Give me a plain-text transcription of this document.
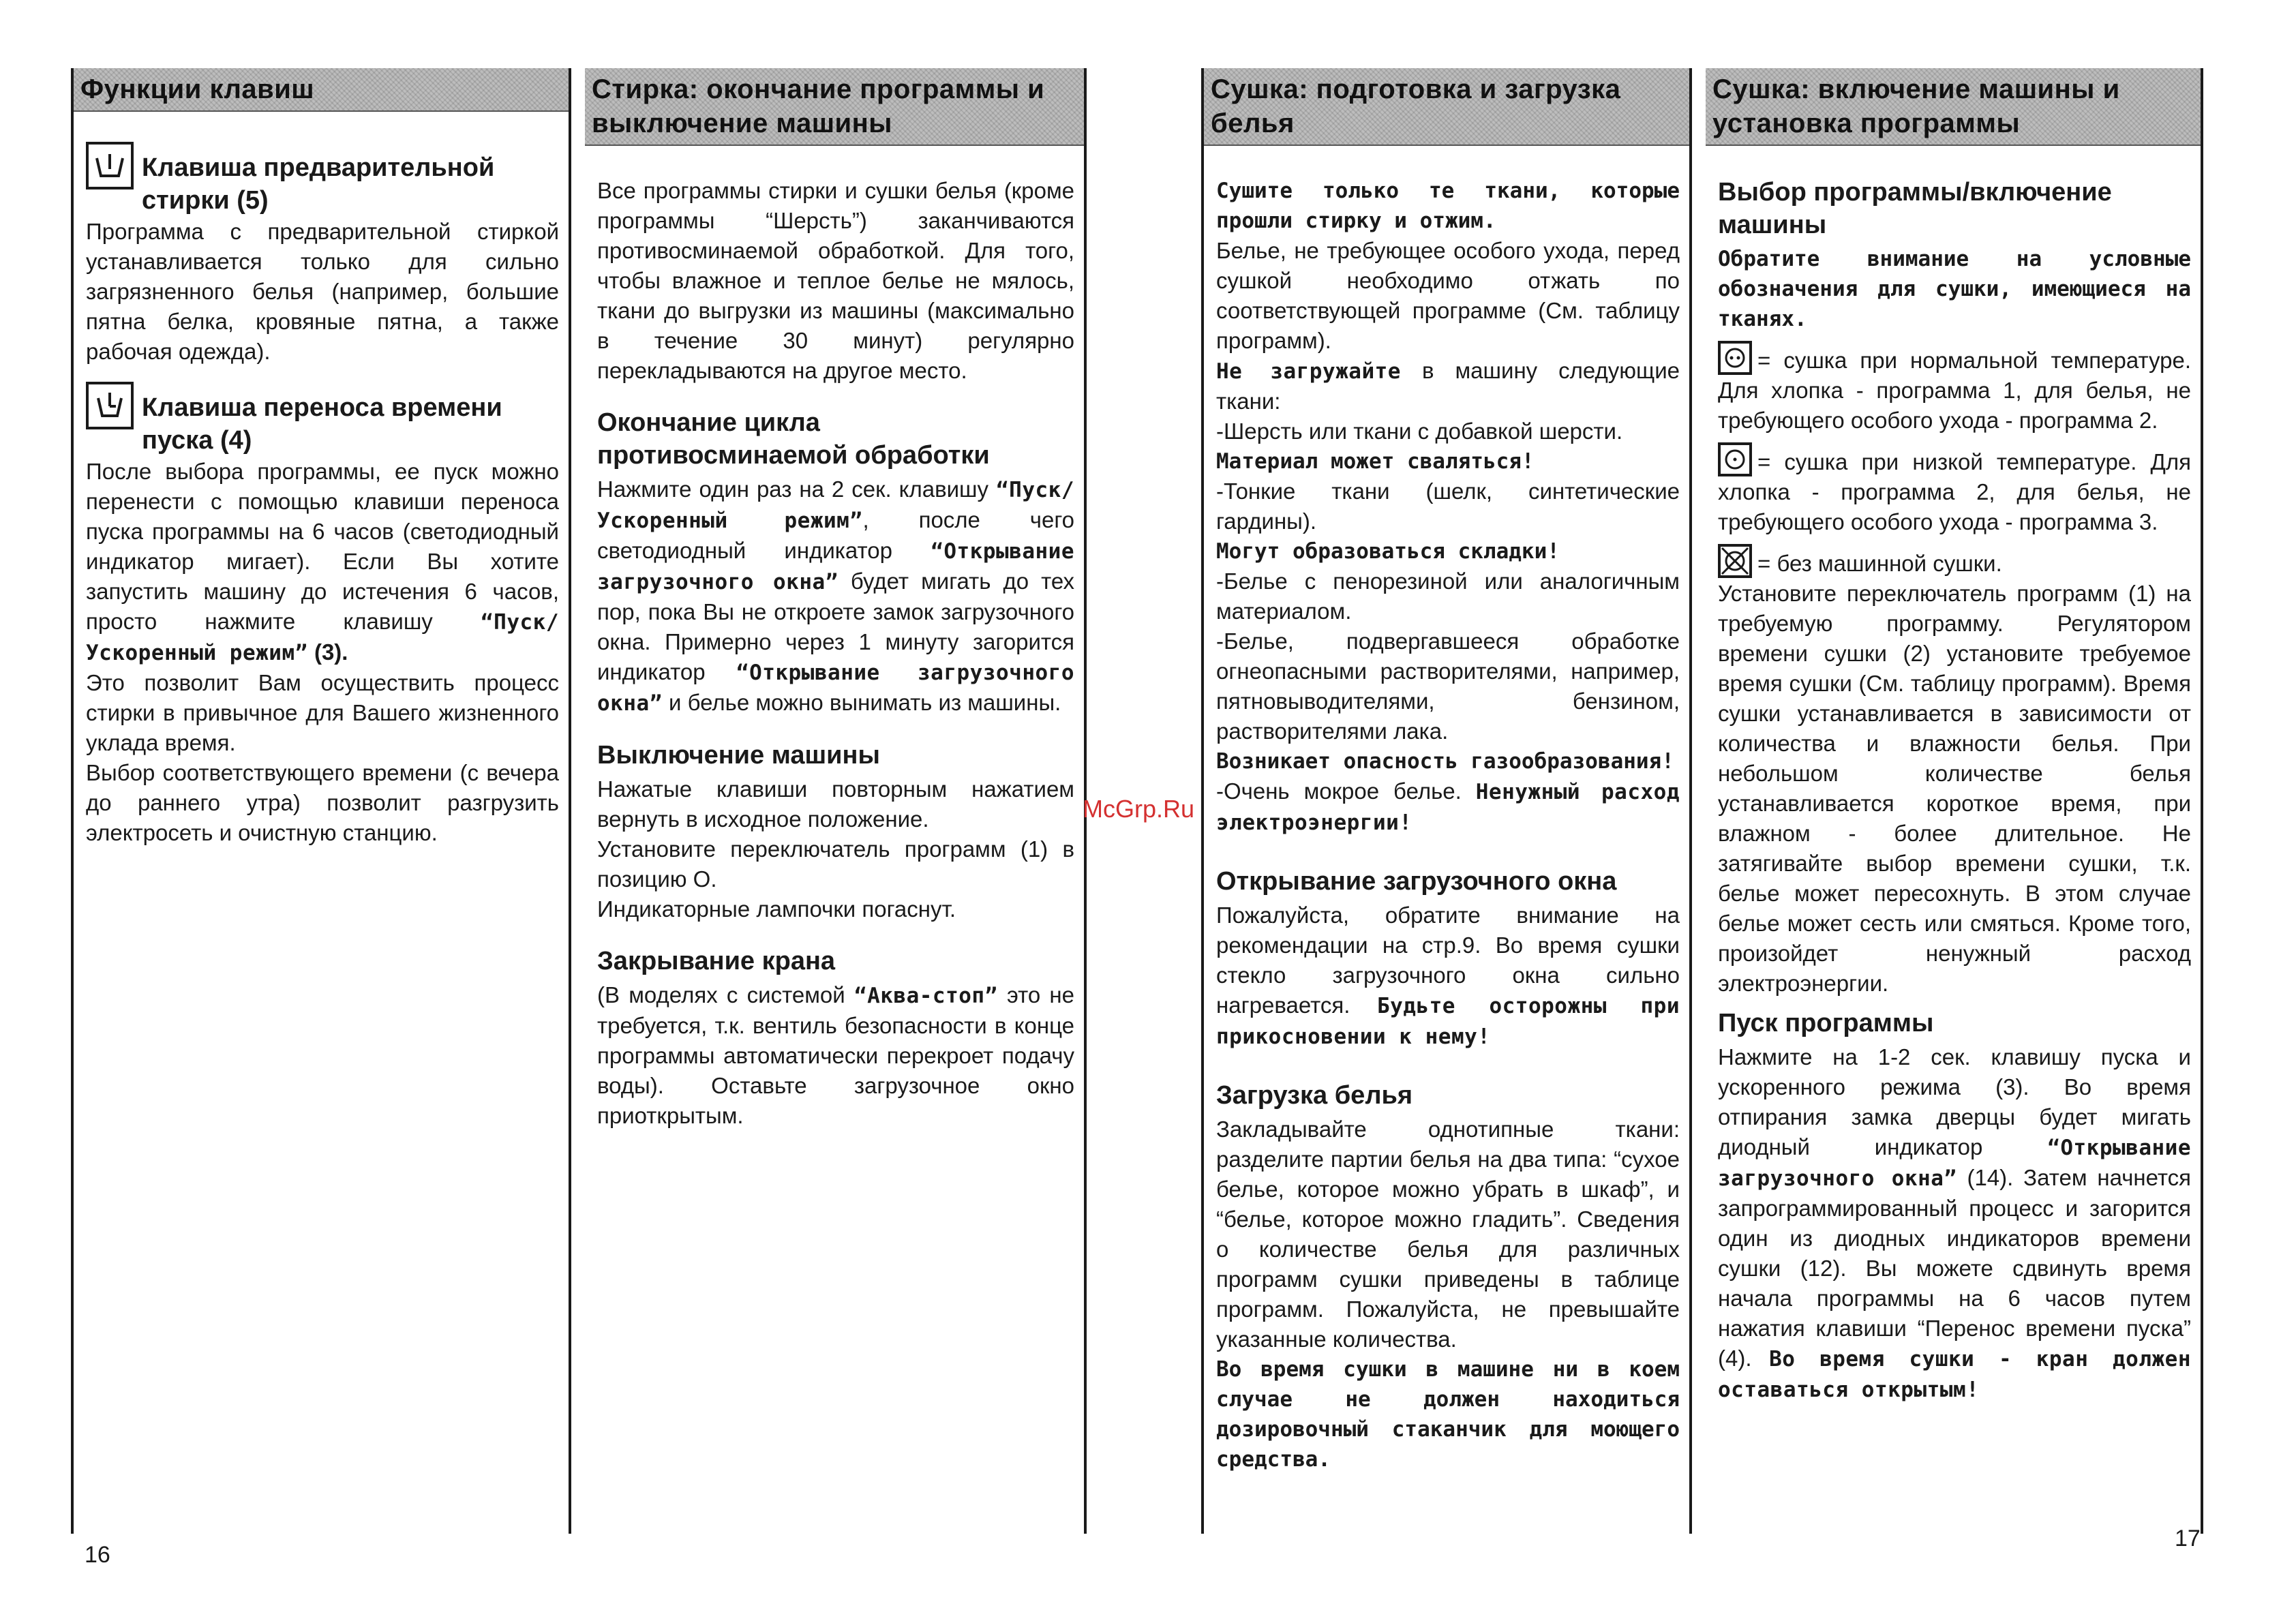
Функции клавиш
Клавиша предварительной стирки (5)

Программа с предварительной стиркой устанавливается только для сильно загрязненного белья (например, большие пятна белка, кровяные пятна, а также рабочая одежда).

Клавиша переноса времени пуска (4)

После выбора программы, ее пуск можно перенести с помощью клавиши переноса пуска программы на 6 часов (светодиодный индикатор мигает). Если Вы хотите запустить машину до истечения 6 часов, просто нажмите клавишу “Пуск/ Ускоренный режим” (3).

Это позволит Вам осуществить процесс стирки в привычное для Вашего жизненного уклада время.

Выбор соответствующего времени (с вечера до раннего утра) позволит разгрузить электросеть и очистную станцию.

Стирка: окончание программы и выключение машины

Все программы стирки и сушки белья (кроме программы “Шерсть”) заканчиваются противосминаемой обработкой. Для того, чтобы влажное и теплое белье не мялось, ткани до выгрузки из машины (максимально в течение 30 минут) регулярно перекладываются на другое место.

Окончание цикла противосминаемой обработки

Нажмите один раз на 2 сек. клавишу “Пуск/ Ускоренный режим”, после чего светодиодный индикатор “Открывание загрузочного окна” будет мигать до тех пор, пока Вы не откроете замок загрузочного окна. Примерно через 1 минуту загорится индикатор “Открывание загрузочного окна” и белье можно вынимать из машины.

Выключение машины

Нажатые клавиши повторным нажатием вернуть в исходное положение.

Установите переключатель программ (1) в позицию О.

Индикаторные лампочки погаснут.

Закрывание крана

(В моделях с системой “Аква-стоп” это не требуется, т.к. вентиль безопасности в конце программы автоматически перекроет подачу воды). Оставьте загрузочное окно приоткрытым.

16
McGrp.Ru
Сушка: подготовка и загрузка белья

Сушите только те ткани, которые прошли стирку и отжим.

Белье, не требующее особого ухода, перед сушкой необходимо отжать по соответствующей программе (См. таблицу программ).

Не загружайте в машину следующие ткани:

-Шерсть или ткани с добавкой шерсти.

Материал может сваляться!

-Тонкие ткани (шелк, синтетические гардины).

Могут образоваться складки!

-Белье с пенорезиной или аналогичным материалом.

-Белье, подвергавшееся обработке огнеопасными растворителями, например, пятновыводителями, бензином, растворителями лака.

Возникает опасность газообразования!

-Очень мокрое белье. Ненужный расход электроэнергии!

Открывание загрузочного окна

Пожалуйста, обратите внимание на рекомендации на стр.9. Во время сушки стекло загрузочного окна сильно нагревается. Будьте осторожны при прикосновении к нему!

Загрузка белья

Закладывайте однотипные ткани: разделите партии белья на два типа: “сухое белье, которое можно убрать в шкаф”, и “белье, которое можно гладить”. Сведения о количестве белья для различных программ сушки приведены в таблице программ. Пожалуйста, не превышайте указанные количества.

Во время сушки в машине ни в коем случае не должен находиться дозировочный стаканчик для моющего средства.

Сушка: включение машины и установка программы
Выбор программы/включение машины

Обратите внимание на условные обозначения для сушки, имеющиеся на тканях.

= сушка при нормальной температуре. Для хлопка - программа 1, для белья, не требующего особого ухода - программа 2.

= сушка при низкой температуре. Для хлопка - программа 2, для белья, не требующего особого ухода - программа 3.

= без машинной сушки.

Установите переключатель программ (1) на требуемую программу. Регулятором времени сушки (2) установите требуемое время сушки (См. таблицу программ). Время сушки устанавливается в зависимости от количества и влажности белья. При небольшом количестве белья устанавливается короткое время, при влажном - более длительное. Не затягивайте выбор времени сушки, т.к. белье может пересохнуть. В этом случае белье может сесть или смяться. Кроме того, произойдет ненужный расход электроэнергии.

Пуск программы

Нажмите на 1-2 сек. клавишу пуска и ускоренного режима (3). Во время отпирания замка дверцы будет мигать диодный индикатор “Открывание загрузочного окна” (14). Затем начнется запрограммированный процесс и загорится один из диодных индикаторов времени сушки (12). Вы можете сдвинуть время начала программы на 6 часов путем нажатия клавиши “Перенос времени пуска” (4). Во время сушки - кран должен оставаться открытым!

17
